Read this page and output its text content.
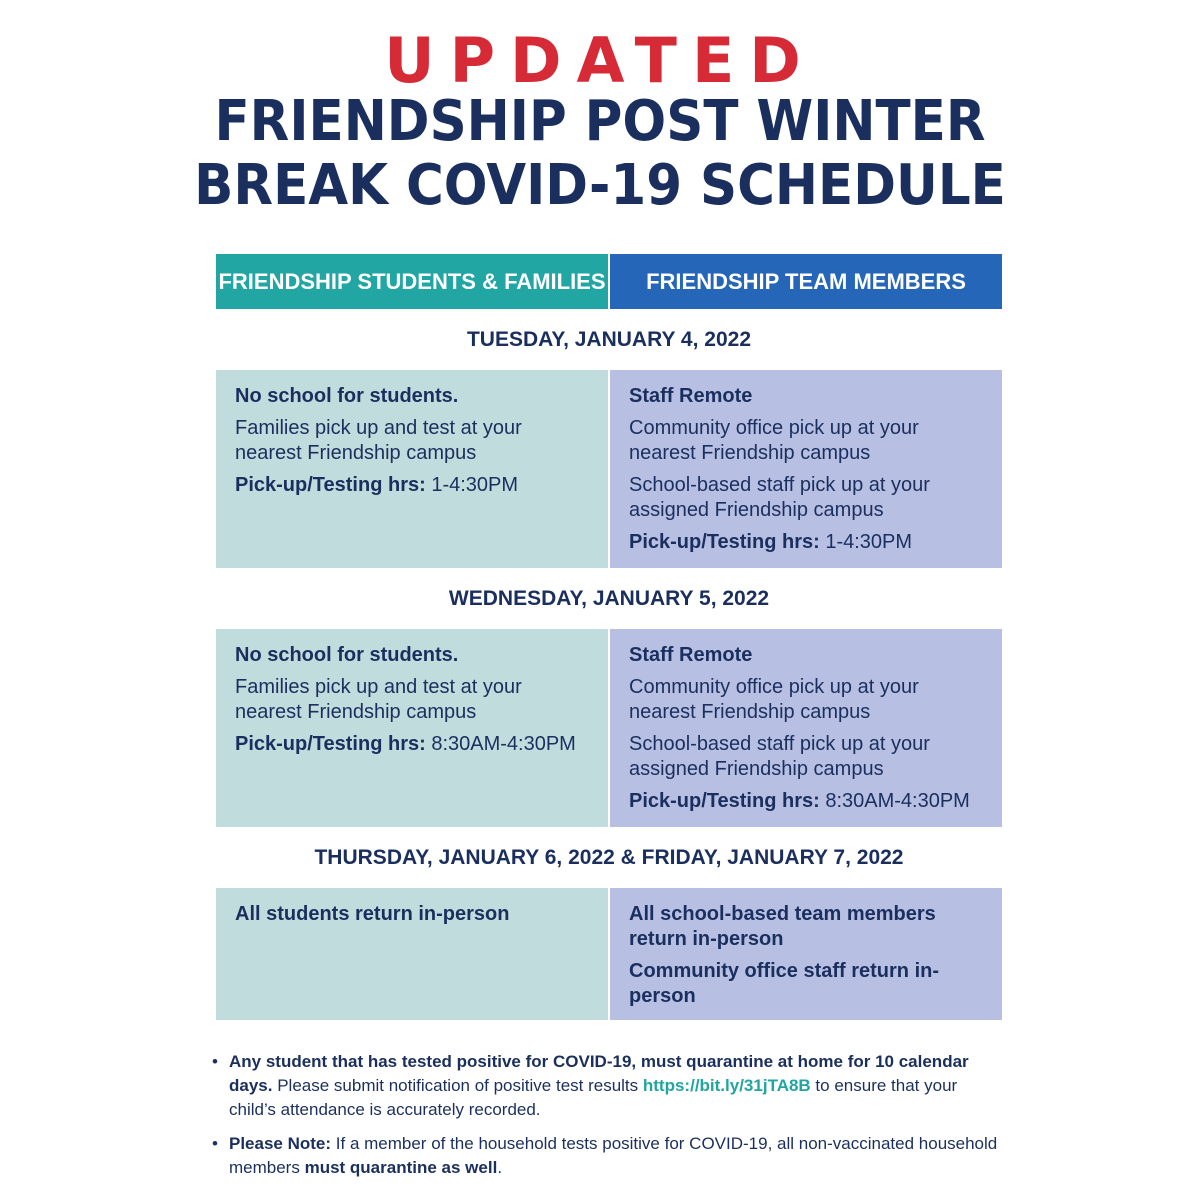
UPDATED
FRIENDSHIP POST WINTER
BREAK COVID-19 SCHEDULE
FRIENDSHIP STUDENTS & FAMILIES	FRIENDSHIP TEAM MEMBERS
TUESDAY, JANUARY 4, 2022

No school for students.

Families pick up and test at your nearest Friendship campus

Pick-up/Testing hrs: 1-4:30PM

Staff Remote

Community office pick up at your nearest Friendship campus

School-based staff pick up at your assigned Friendship campus

Pick-up/Testing hrs: 1-4:30PM

WEDNESDAY, JANUARY 5, 2022

No school for students.

Families pick up and test at your nearest Friendship campus

Pick-up/Testing hrs: 8:30AM-4:30PM

Staff Remote

Community office pick up at your nearest Friendship campus

School-based staff pick up at your assigned Friendship campus

Pick-up/Testing hrs: 8:30AM-4:30PM

THURSDAY, JANUARY 6, 2022 & FRIDAY, JANUARY 7, 2022

All students return in-person	All school-based team members return in-person

Community office staff return in-person

• Any student that has tested positive for COVID-19, must quarantine at home for 10 calendar days. Please submit notification of positive test results https://bit.ly/31jTA8B to ensure that your child’s attendance is accurately recorded.
• Please Note: If a member of the household tests positive for COVID-19, all non-vaccinated household members must quarantine as well.
